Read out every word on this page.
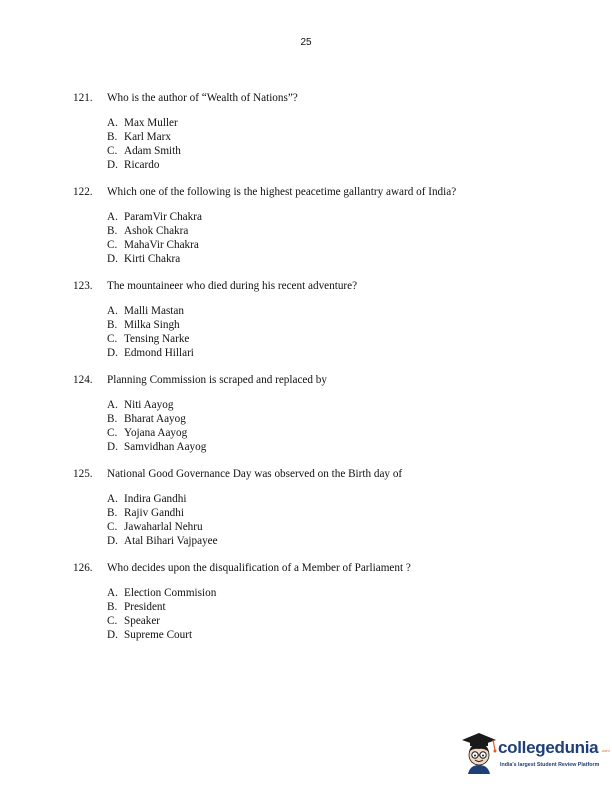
25
121.	Who is the author of “Wealth of Nations”?
A. Max Muller
B. Karl Marx
C. Adam Smith
D. Ricardo
122.	Which one of the following is the highest peacetime gallantry award of India?
A. ParamVir Chakra
B. Ashok Chakra
C. MahaVir Chakra
D. Kirti Chakra
123.	The mountaineer who died during his recent adventure?
A. Malli Mastan
B. Milka Singh
C. Tensing Narke
D. Edmond Hillari
124.	Planning Commission is scraped and replaced by
A. Niti Aayog
B. Bharat Aayog
C. Yojana Aayog
D. Samvidhan Aayog
125.	National Good Governance Day was observed on the Birth day of
A. Indira Gandhi
B. Rajiv Gandhi
C. Jawaharlal Nehru
D. Atal Bihari Vajpayee
126.	Who decides upon the disqualification of a Member of Parliament ?
A. Election Commision
B. President
C. Speaker
D. Supreme Court
collegedunia .com
India's largest Student Review Platform
